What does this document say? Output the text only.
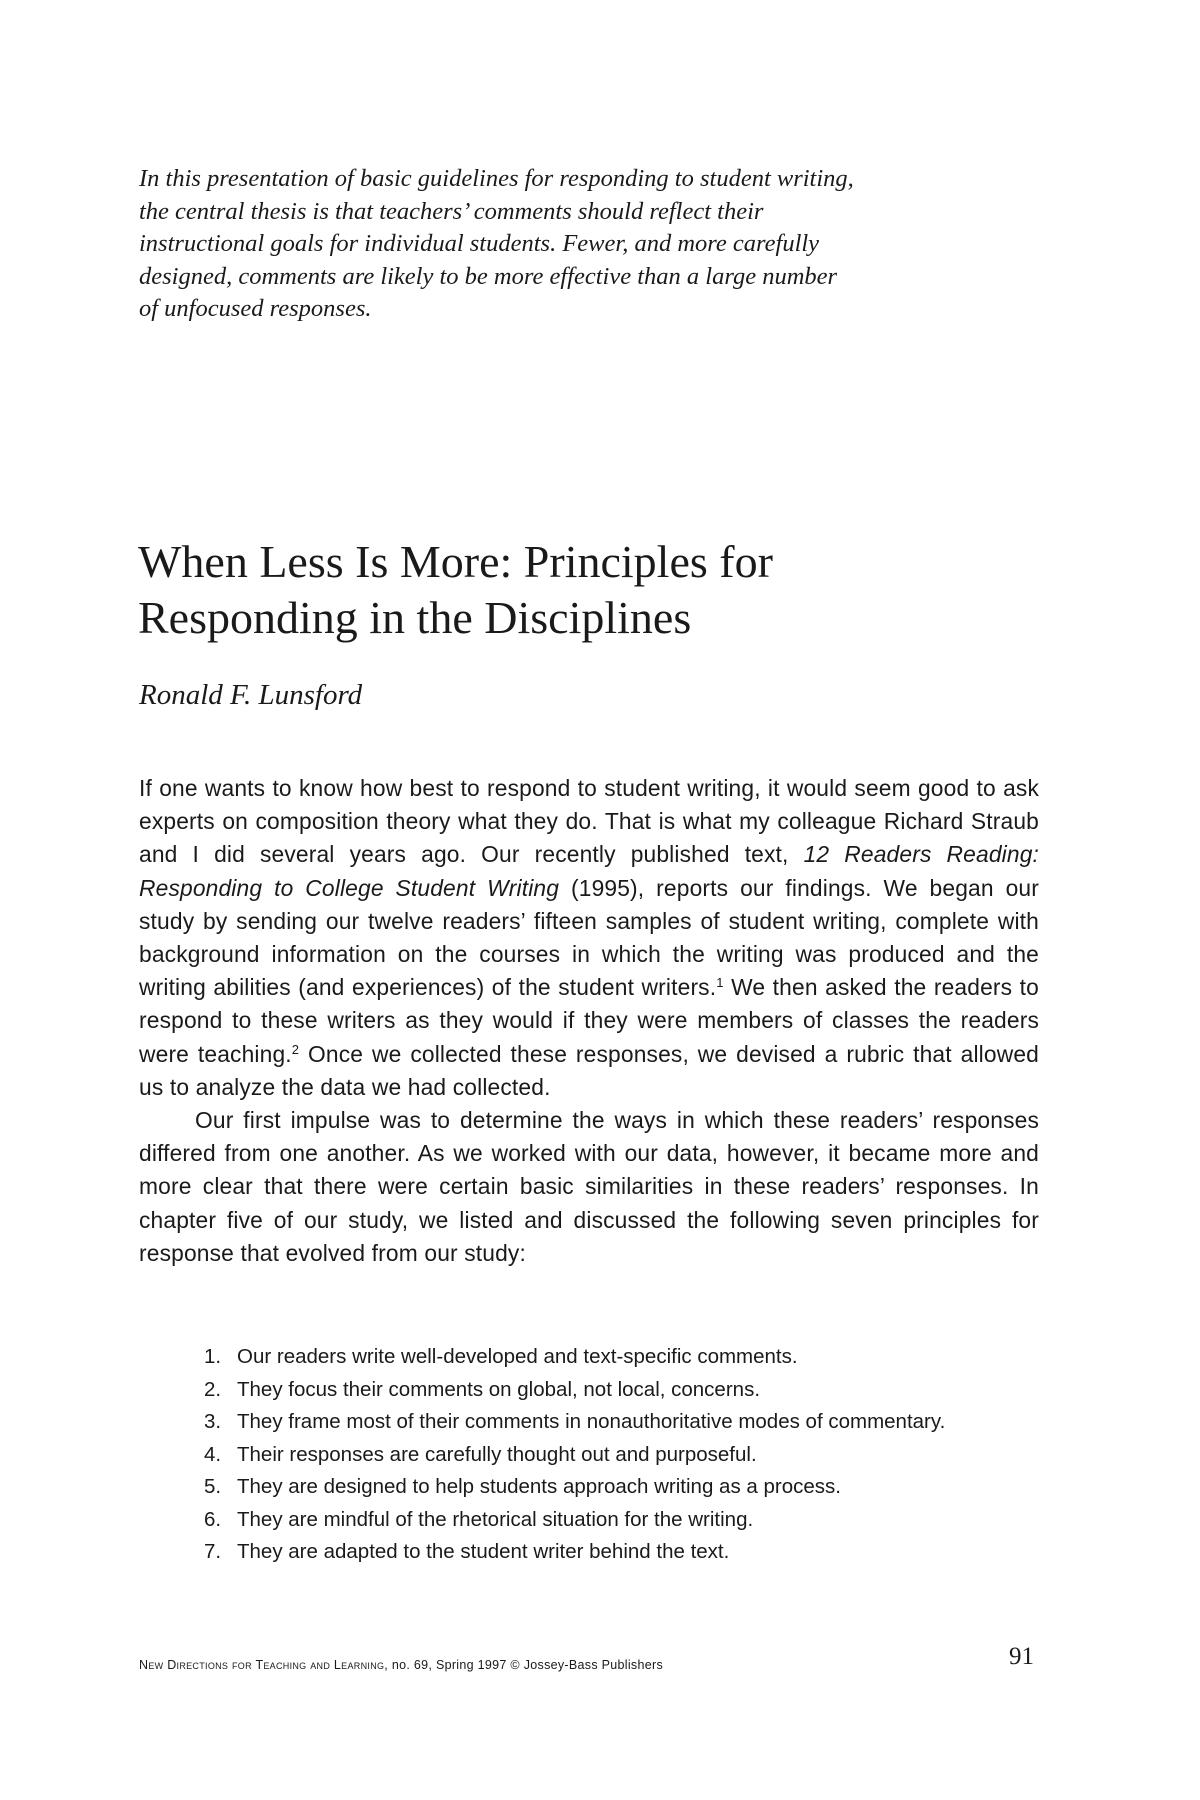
In this presentation of basic guidelines for responding to student writing, the central thesis is that teachers’ comments should reflect their instructional goals for individual students. Fewer, and more carefully designed, comments are likely to be more effective than a large number of unfocused responses.

When Less Is More: Principles for
Responding in the Disciplines

Ronald F. Lunsford

If one wants to know how best to respond to student writing, it would seem good to ask experts on composition theory what they do. That is what my colleague Richard Straub and I did several years ago. Our recently published text, 12 Readers Reading: Responding to College Student Writing (1995), reports our findings. We began our study by sending our twelve readers’ fifteen samples of student writing, complete with background information on the courses in which the writing was produced and the writing abilities (and experiences) of the student writers.$^1$ We then asked the readers to respond to these writers as they would if they were members of classes the readers were teaching.$^2$ Once we collected these responses, we devised a rubric that allowed us to analyze the data we had collected.

Our first impulse was to determine the ways in which these readers’ responses differed from one another. As we worked with our data, however, it became more and more clear that there were certain basic similarities in these readers’ responses. In chapter five of our study, we listed and discussed the following seven principles for response that evolved from our study:

1. Our readers write well-developed and text-specific comments.
2. They focus their comments on global, not local, concerns.
3. They frame most of their comments in nonauthoritative modes of commentary.
4. Their responses are carefully thought out and purposeful.
5. They are designed to help students approach writing as a process.
6. They are mindful of the rhetorical situation for the writing.
7. They are adapted to the student writer behind the text.
New Directions for Teaching and Learning, no. 69, Spring 1997 © Jossey-Bass Publishers	91
